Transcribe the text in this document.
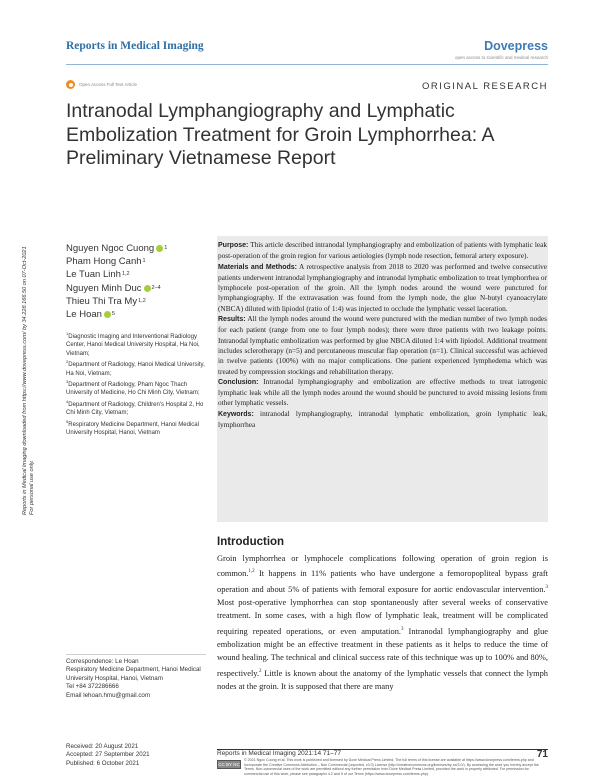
Reports in Medical Imaging	Dovepress
open access to scientific and medical research
Open Access Full Text Article	ORIGINAL RESEARCH
Intranodal Lymphangiography and Lymphatic Embolization Treatment for Groin Lymphorrhea: A Preliminary Vietnamese Report
Reports in Medical Imaging downloaded from https://www.dovepress.com/ by 34.228.166.50 on 07-Oct-2021 For personal use only.
Nguyen Ngoc Cuong 1
Pham Hong Canh 1
Le Tuan Linh 1,2
Nguyen Minh Duc 2–4
Thieu Thi Tra My 1,2
Le Hoan 5
$^1$Diagnostic Imaging and Interventional Radiology Center, Hanoi Medical University Hospital, Ha Noi, Vietnam;
$^2$Department of Radiology, Hanoi Medical University, Ha Noi, Vietnam;
$^3$Department of Radiology, Pham Ngoc Thach University of Medicine, Ho Chi Minh City, Vietnam;
$^4$Department of Radiology, Children's Hospital 2, Ho Chi Minh City, Vietnam;
$^5$Respiratory Medicine Department, Hanoi Medical University Hospital, Hanoi, Vietnam
Purpose: This article described intranodal lymphangiography and embolization of patients with lymphatic leak post-operation of the groin region for various aetiologies (lymph node resection, femoral artery exposure).
Materials and Methods: A retrospective analysis from 2018 to 2020 was performed and twelve consecutive patients underwent intranodal lymphangiography and intranodal lymphatic embolization to treat lymphorrhea or lymphocele post-operation of the groin. All the lymph nodes around the wound were punctured for lymphangiography. If the extravasation was found from the lymph node, the glue N-butyl cyanoacrylate (NBCA) diluted with lipiodol (ratio of 1:4) was injected to occlude the lymphatic vessel laceration.
Results: All the lymph nodes around the wound were punctured with the median number of two lymph nodes for each patient (range from one to four lymph nodes); there were three patients with two leakage points. Intranodal lymphatic embolization was performed by glue NBCA diluted 1:4 with lipiodol. Additional treatment includes sclerotherapy (n=5) and percutaneous muscular flap operation (n=1). Clinical successful was achieved in twelve patients (100%) with no major complications. One patient experienced lymphedema which was treated by compression stockings and rehabilitation therapy.
Conclusion: Intranodal lymphangiography and embolization are effective methods to treat iatrogenic lymphatic leak while all the lymph nodes around the wound should be punctured to avoid missing lesions from other lymphatic vessels.
Keywords: intranodal lymphangiography, intranodal lymphatic embolization, groin lymphatic leak, lymphorrhea
Introduction

Groin lymphorrhea or lymphocele complications following operation of groin region is common.$^{1,2}$ It happens in 11% patients who have undergone a femoropopliteal bypass graft operation and about 5% of patients with femoral exposure for aortic endovascular intervention.$^3$ Most post-operative lymphorrhea can stop spontaneously after several weeks of conservative treatment. In some cases, with a high flow of lymphatic leak, treatment will be complicated requiring repeated operations, or even amputation.$^3$ Intranodal lymphangiography and glue embolization might be an effective treatment in these patients as it helps to reduce the time of wound healing. The technical and clinical success rate of this technique was up to 100% and 80%, respectively.$^2$ Little is known about the anatomy of the lymphatic vessels that connect the lymph nodes at the groin. It is supposed that there are many

Correspondence: Le Hoan
Respiratory Medicine Department, Hanoi Medical University Hospital, Hanoi, Vietnam
Tel +84 372286666
Email lehoan.hmu@gmail.com
Received: 20 August 2021
Accepted: 27 September 2021
Published: 6 October 2021
Reports in Medical Imaging 2021:14 71–77	71
CC BY NC
© 2021 Ngoc Cuong et al. This work is published and licensed by Dove Medical Press Limited. The full terms of this license are available at https://www.dovepress.com/terms.php and incorporate the Creative Commons Attribution – Non Commercial (unported, v3.0) License (http://creativecommons.org/licenses/by-nc/3.0/). By accessing the work you hereby accept the Terms. Non-commercial uses of the work are permitted without any further permission from Dove Medical Press Limited, provided the work is properly attributed. For permission for commercial use of this work, please see paragraphs 4.2 and 5 of our Terms (https://www.dovepress.com/terms.php).
